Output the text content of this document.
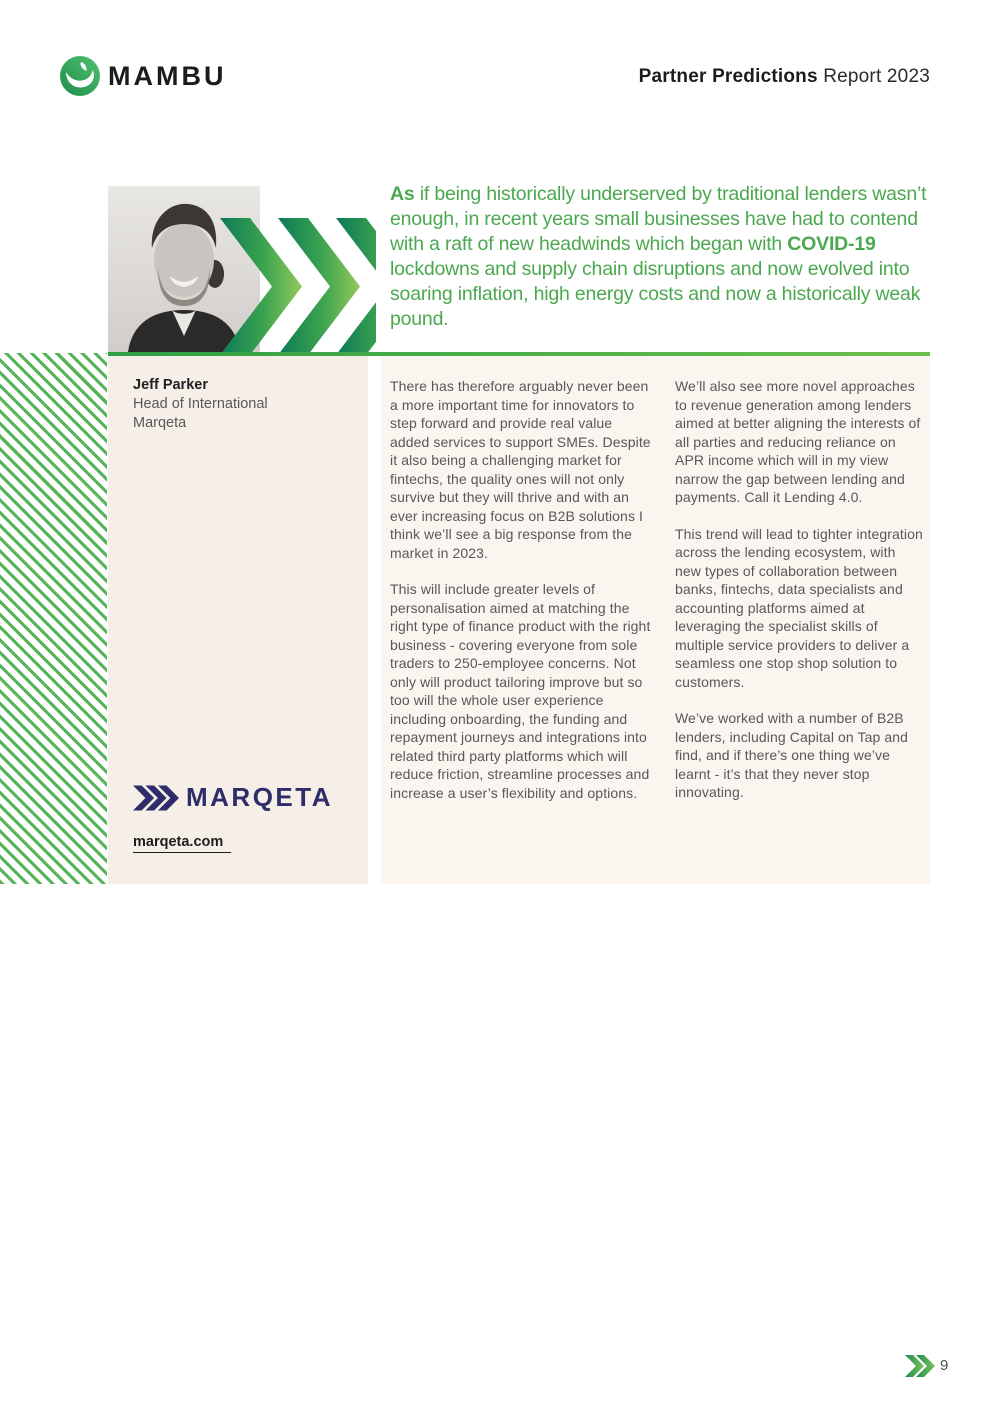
MAMBU	Partner Predictions Report 2023

As if being historically underserved by traditional lenders wasn’t enough, in recent years small businesses have had to contend with a raft of new headwinds which began with COVID-19 lockdowns and supply chain disruptions and now evolved into soaring inflation, high energy costs and now a historically weak pound.

Jeff Parker
Head of International
Marqeta
MARQETA
marqeta.com

There has therefore arguably never been a more important time for innovators to step forward and provide real value added services to support SMEs. Despite it also being a challenging market for fintechs, the quality ones will not only survive but they will thrive and with an ever increasing focus on B2B solutions I think we’ll see a big response from the market in 2023.

This will include greater levels of personalisation aimed at matching the right type of finance product with the right business - covering everyone from sole traders to 250-employee concerns. Not only will product tailoring improve but so too will the whole user experience including onboarding, the funding and repayment journeys and integrations into related third party platforms which will reduce friction, streamline processes and increase a user’s flexibility and options.

We’ll also see more novel approaches to revenue generation among lenders aimed at better aligning the interests of all parties and reducing reliance on APR income which will in my view narrow the gap between lending and payments. Call it Lending 4.0.

This trend will lead to tighter integration across the lending ecosystem, with new types of collaboration between banks, fintechs, data specialists and accounting platforms aimed at leveraging the specialist skills of multiple service providers to deliver a seamless one stop shop solution to customers.

We’ve worked with a number of B2B lenders, including Capital on Tap and find, and if there’s one thing we’ve learnt - it’s that they never stop innovating.

9
